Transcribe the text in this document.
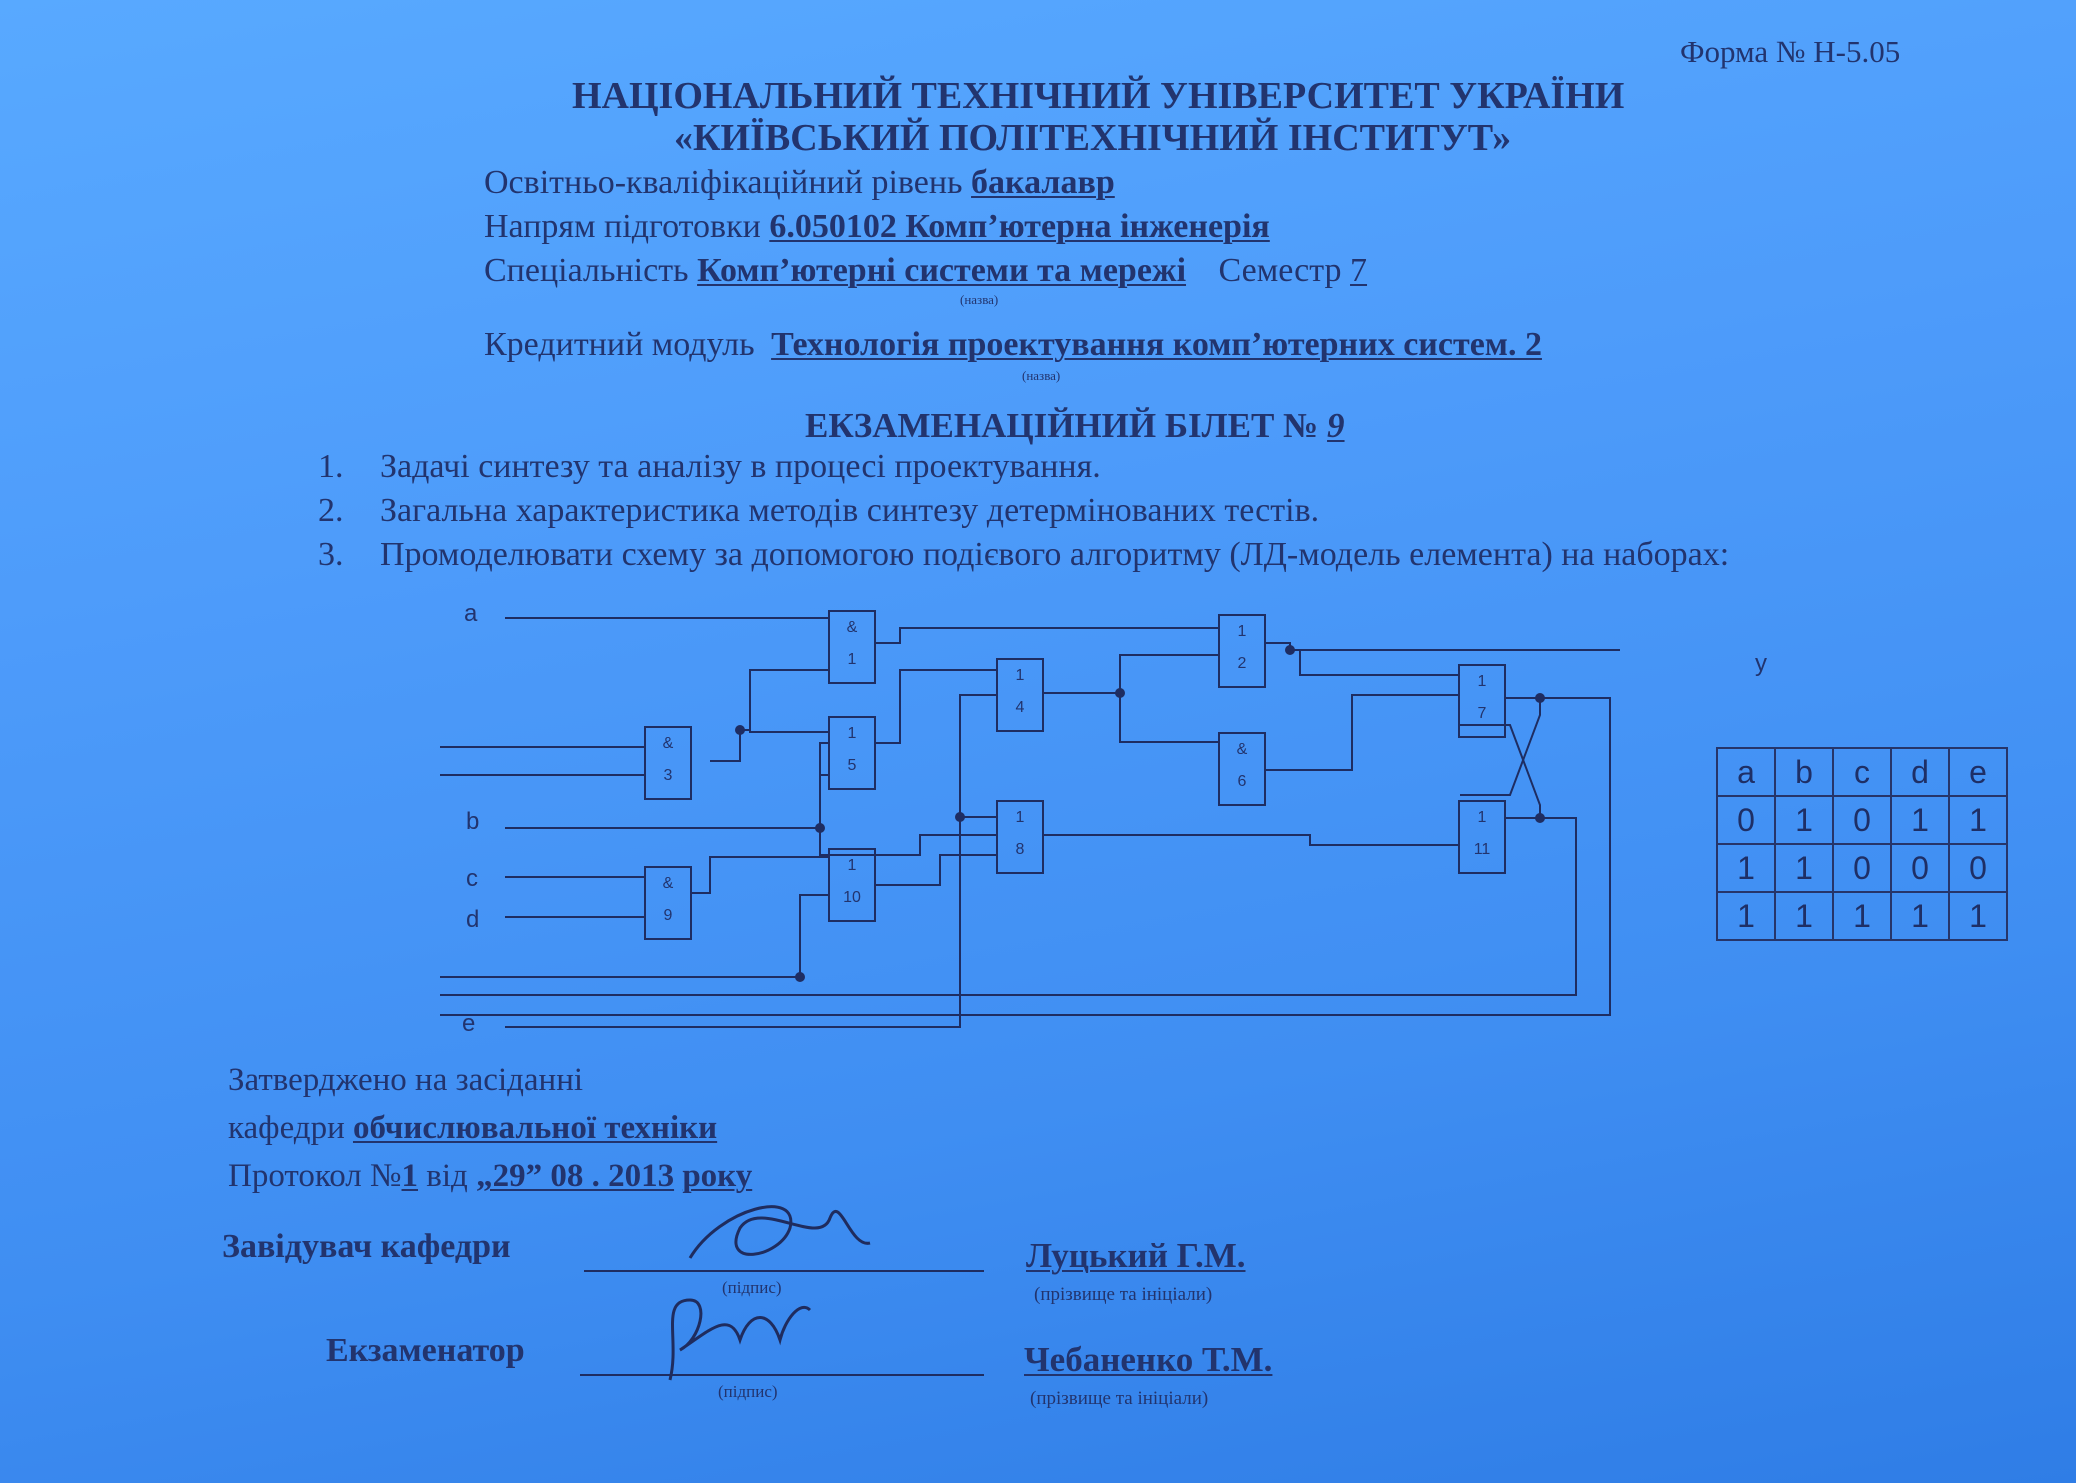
Форма № Н-5.05
НАЦІОНАЛЬНИЙ ТЕХНІЧНИЙ УНІВЕРСИТЕТ УКРАЇНИ
«КИЇВСЬКИЙ ПОЛІТЕХНІЧНИЙ ІНСТИТУТ»
Освітньо-кваліфікаційний рівень бакалавр
Напрям підготовки 6.050102 Комп’ютерна інженерія
Спеціальність Комп’ютерні системи та мережі Семестр 7
(назва)
Кредитний модуль Технологія проектування комп’ютерних систем. 2
(назва)
ЕКЗАМЕНАЦІЙНИЙ БІЛЕТ № 9
1. Задачі синтезу та аналізу в процесі проектування.
2. Загальна характеристика методів синтезу детермінованих тестів.
3. Промоделювати схему за допомогою подієвого алгоритму (ЛД-модель елемента) на наборах:
a
b
c
d
e
y
&
1
1
2
&
3
1
4
1
5
&
6
1
7
1
8
&
9
1
10
1
11
a	b	c	d	e
0	1	0	1	1
1	1	0	0	0
1	1	1	1	1
Затверджено на засіданні
кафедри обчислювальної техніки
Протокол №1 від „29” 08 . 2013 року
Завідувач кафедри
(підпис)
Луцький Г.М.
(прізвище та ініціали)
Екзаменатор
(підпис)
Чебаненко Т.М.
(прізвище та ініціали)
